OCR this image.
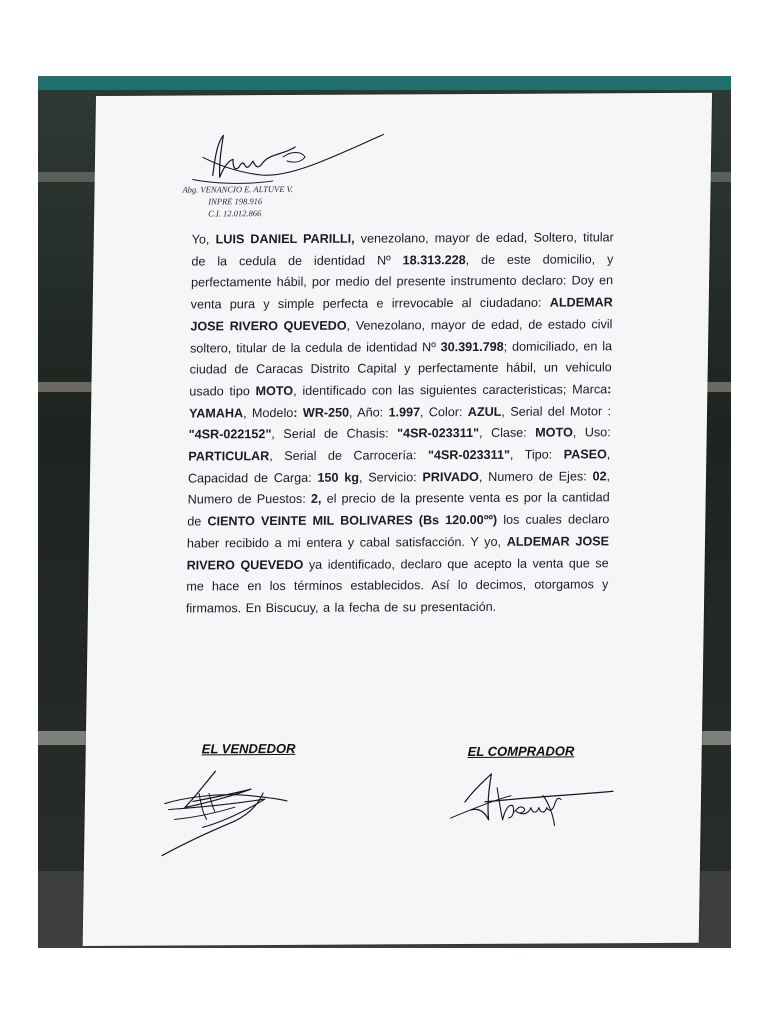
Abg. VENANCIO E. ALTUVE V.
INPRE 198.916
C.I. 12.012.866
Yo, LUIS DANIEL PARILLI, venezolano, mayor de edad, Soltero, titular de la cedula de identidad Nº 18.313.228, de este domicilio, y perfectamente hábil, por medio del presente instrumento declaro: Doy en venta pura y simple perfecta e irrevocable al ciudadano: ALDEMAR JOSE RIVERO QUEVEDO, Venezolano, mayor de edad, de estado civil soltero, titular de la cedula de identidad Nº 30.391.798; domiciliado, en la ciudad de Caracas Distrito Capital y perfectamente hábil, un vehiculo usado tipo MOTO, identificado con las siguientes caracteristicas; Marca: YAMAHA, Modelo: WR-250, Año: 1.997, Color: AZUL, Serial del Motor : "4SR-022152", Serial de Chasis: "4SR-023311", Clase: MOTO, Uso: PARTICULAR, Serial de Carrocería: "4SR-023311", Tipo: PASEO, Capacidad de Carga: 150 kg, Servicio: PRIVADO, Numero de Ejes: 02, Numero de Puestos: 2, el precio de la presente venta es por la cantidad de CIENTO VEINTE MIL BOLIVARES (Bs 120.00ºº) los cuales declaro haber recibido a mi entera y cabal satisfacción. Y yo, ALDEMAR JOSE RIVERO QUEVEDO ya identificado, declaro que acepto la venta que se me hace en los términos establecidos. Así lo decimos, otorgamos y firmamos. En Biscucuy, a la fecha de su presentación.
EL VENDEDOR	EL COMPRADOR
